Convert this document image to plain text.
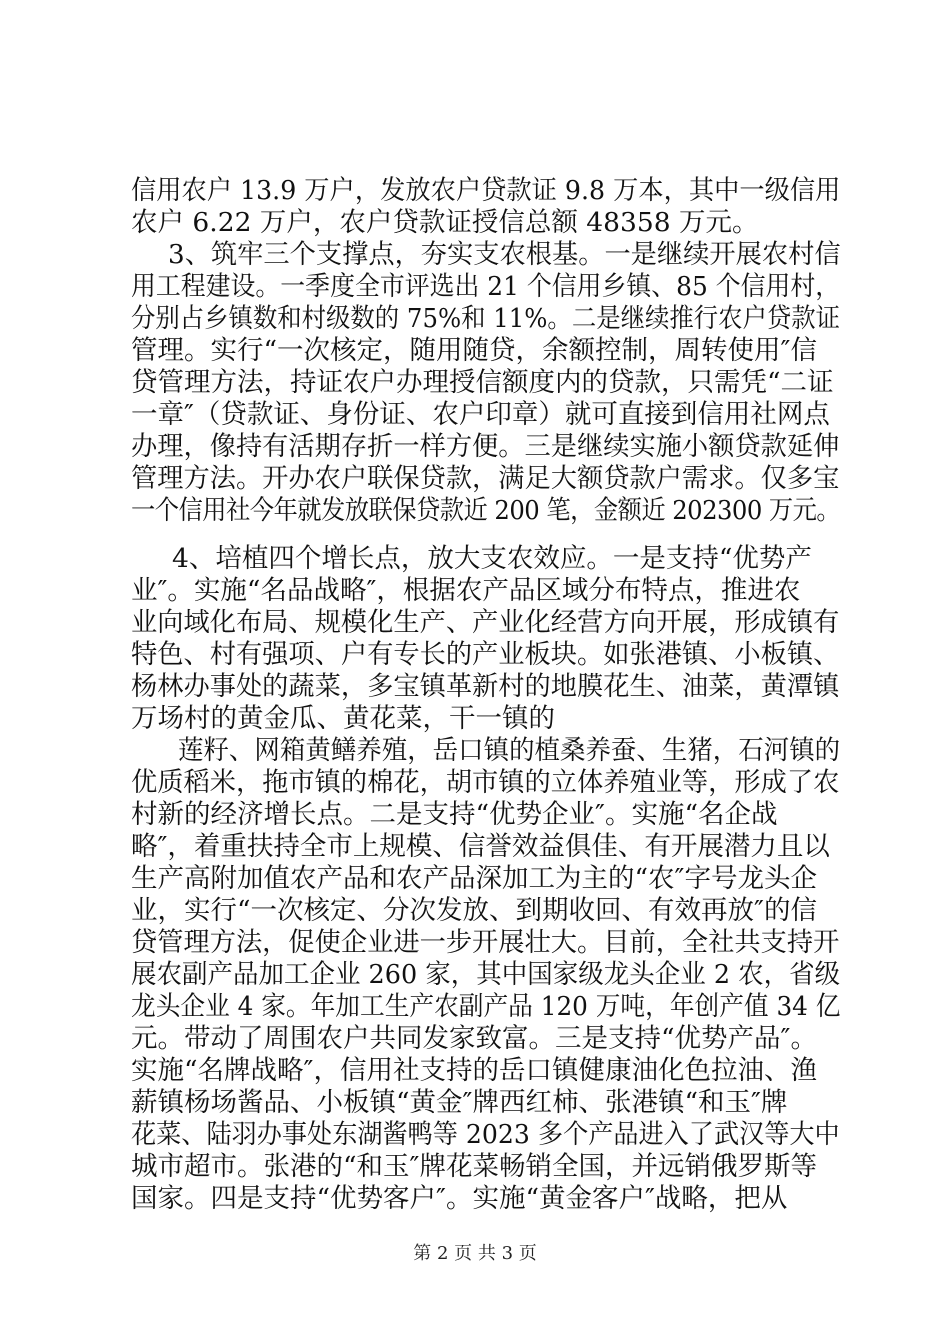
信用农户 13.9 万户，发放农户贷款证 9.8 万本，其中一级信用
农户 6.22 万户，农户贷款证授信总额 48358 万元。
3、筑牢三个支撑点，夯实支农根基。一是继续开展农村信
用工程建设。一季度全市评选出 21 个信用乡镇、85 个信用村，
分别占乡镇数和村级数的 75%和 11%。二是继续推行农户贷款证
管理。实行“一次核定，随用随贷，余额控制，周转使用″信
贷管理方法，持证农户办理授信额度内的贷款，只需凭“二证
一章″（贷款证、身份证、农户印章）就可直接到信用社网点
办理，像持有活期存折一样方便。三是继续实施小额贷款延伸
管理方法。开办农户联保贷款，满足大额贷款户需求。仅多宝
一个信用社今年就发放联保贷款近 200 笔，金额近 202300 万元。
4、培植四个增长点，放大支农效应。一是支持“优势产
业″。实施“名品战略″，根据农产品区域分布特点，推进农
业向域化布局、规模化生产、产业化经营方向开展，形成镇有
特色、村有强项、户有专长的产业板块。如张港镇、小板镇、
杨林办事处的蔬菜，多宝镇革新村的地膜花生、油菜，黄潭镇
万场村的黄金瓜、黄花菜，干一镇的
莲籽、网箱黄鳝养殖，岳口镇的植桑养蚕、生猪，石河镇的
优质稻米，拖市镇的棉花，胡市镇的立体养殖业等，形成了农
村新的经济增长点。二是支持“优势企业″。实施“名企战
略″，着重扶持全市上规模、信誉效益俱佳、有开展潜力且以
生产高附加值农产品和农产品深加工为主的“农″字号龙头企
业，实行“一次核定、分次发放、到期收回、有效再放″的信
贷管理方法，促使企业进一步开展壮大。目前，全社共支持开
展农副产品加工企业 260 家，其中国家级龙头企业 2 农，省级
龙头企业 4 家。年加工生产农副产品 120 万吨，年创产值 34 亿
元。带动了周围农户共同发家致富。三是支持“优势产品″。
实施“名牌战略″，信用社支持的岳口镇健康油化色拉油、渔
薪镇杨场酱品、小板镇“黄金″牌西红柿、张港镇“和玉″牌
花菜、陆羽办事处东湖酱鸭等 2023 多个产品进入了武汉等大中
城市超市。张港的“和玉″牌花菜畅销全国，并远销俄罗斯等
国家。四是支持“优势客户″。实施“黄金客户″战略，把从
第 2 页 共 3 页
